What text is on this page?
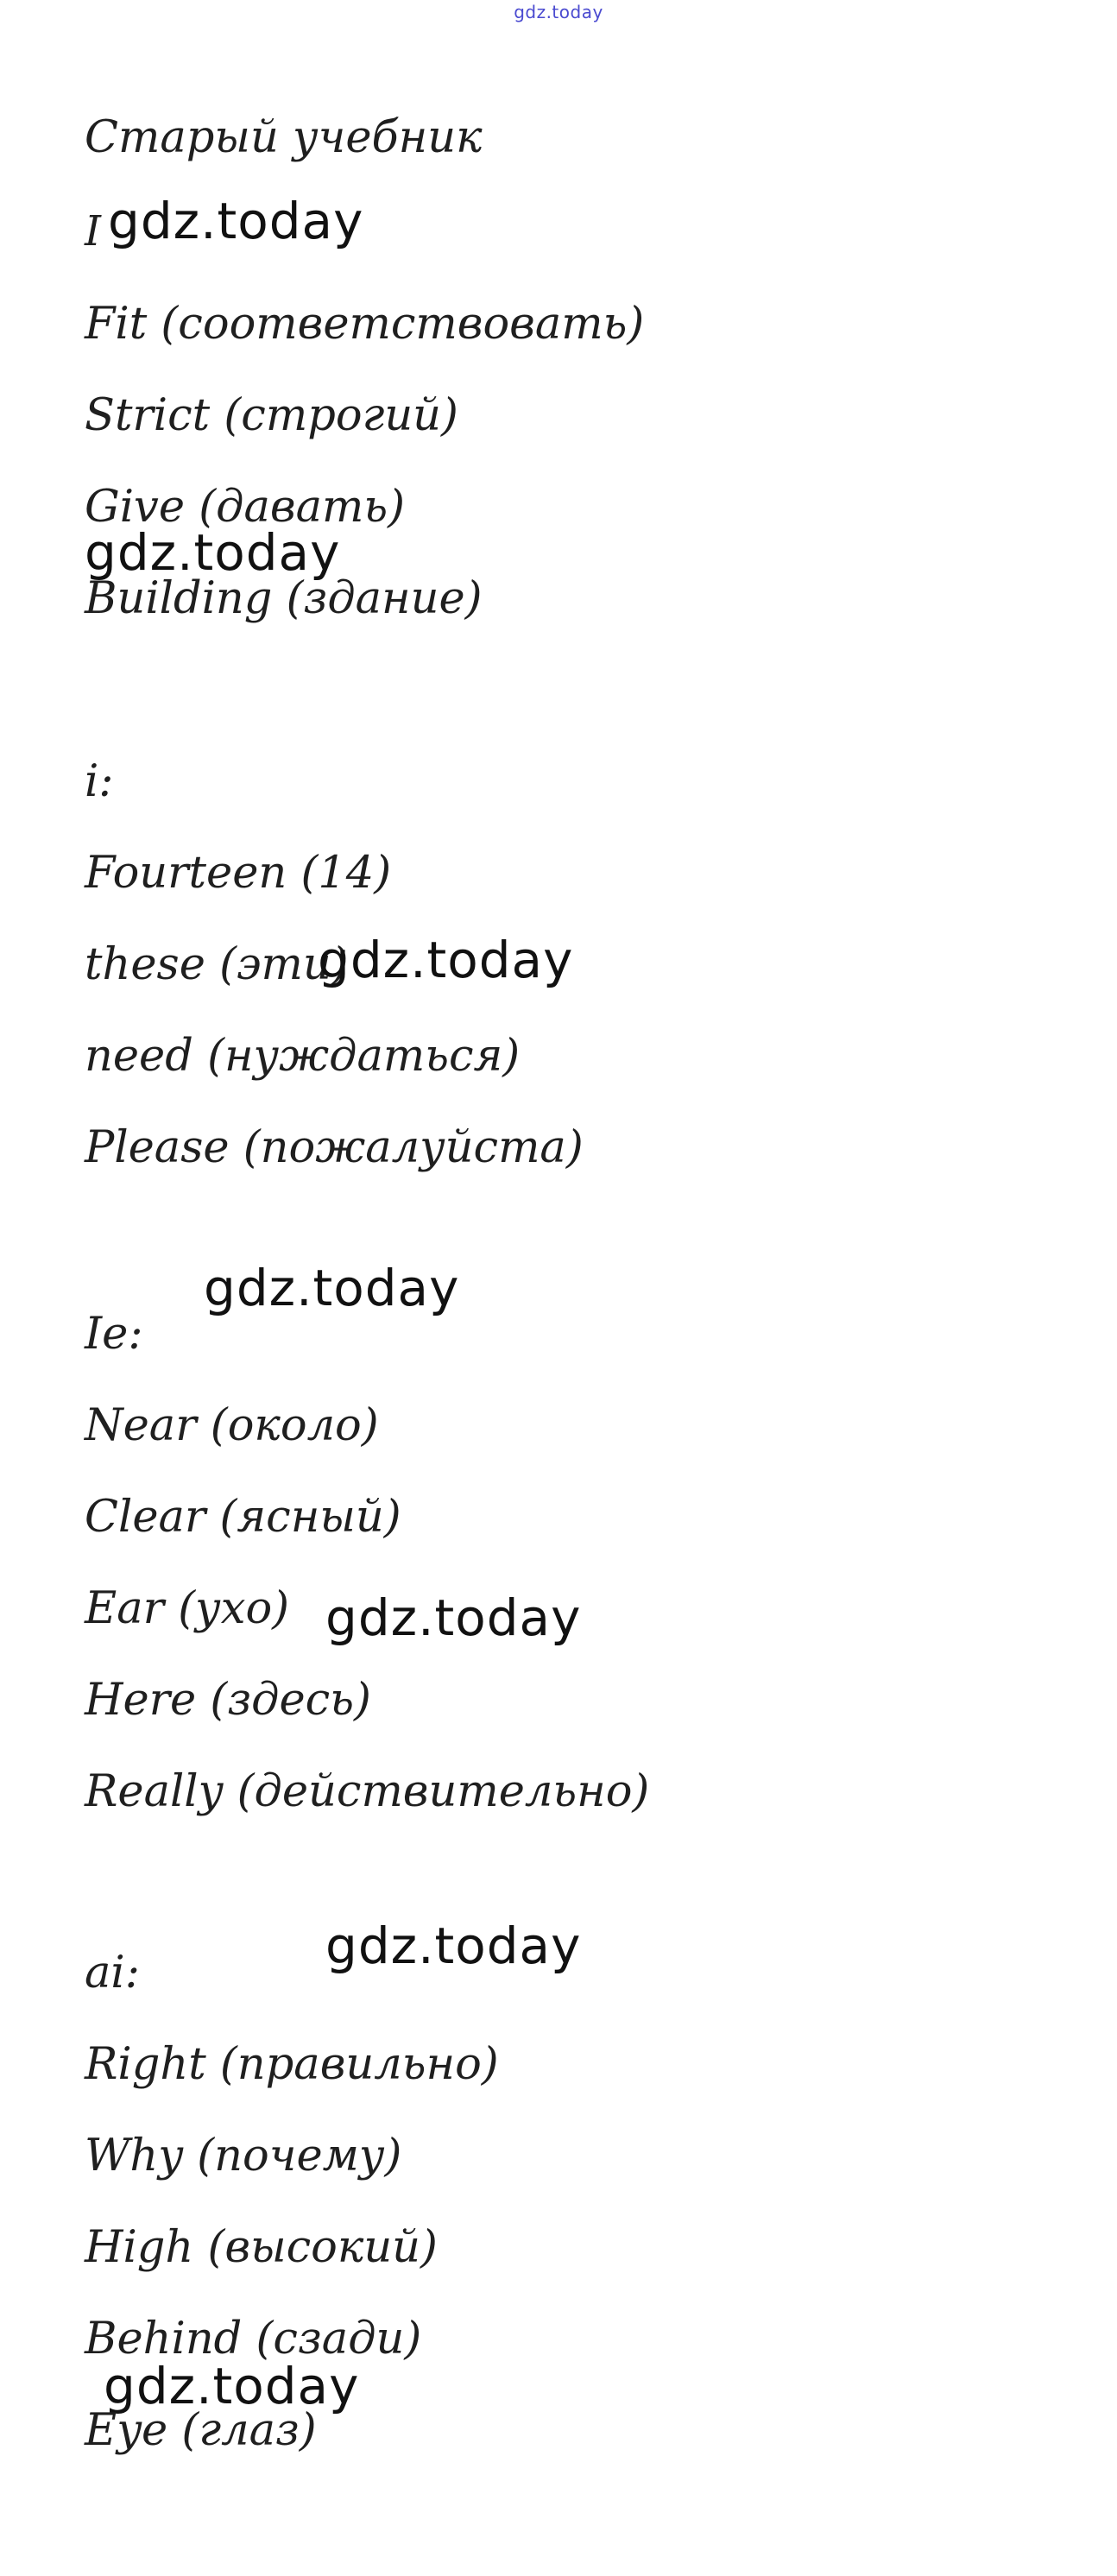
gdz.today
Старый учебник
I gdz.today
Fit (соответствовать)
Strict (строгий)
Give (давать)
gdz.today
Building (здание)
i:
Fourteen (14)
these (эти)
gdz.today
need (нуждаться)
Please (пожалуйста)
gdz.today
Ie:
Near (около)
Clear (ясный)
Ear (ухо) gdz.today
Here (здесь)
Really (действительно)
gdz.today
ai:
Right (правильно)
Why (почему)
High (высокий)
Behind (сзади)
gdz.today
Eye (глаз)
